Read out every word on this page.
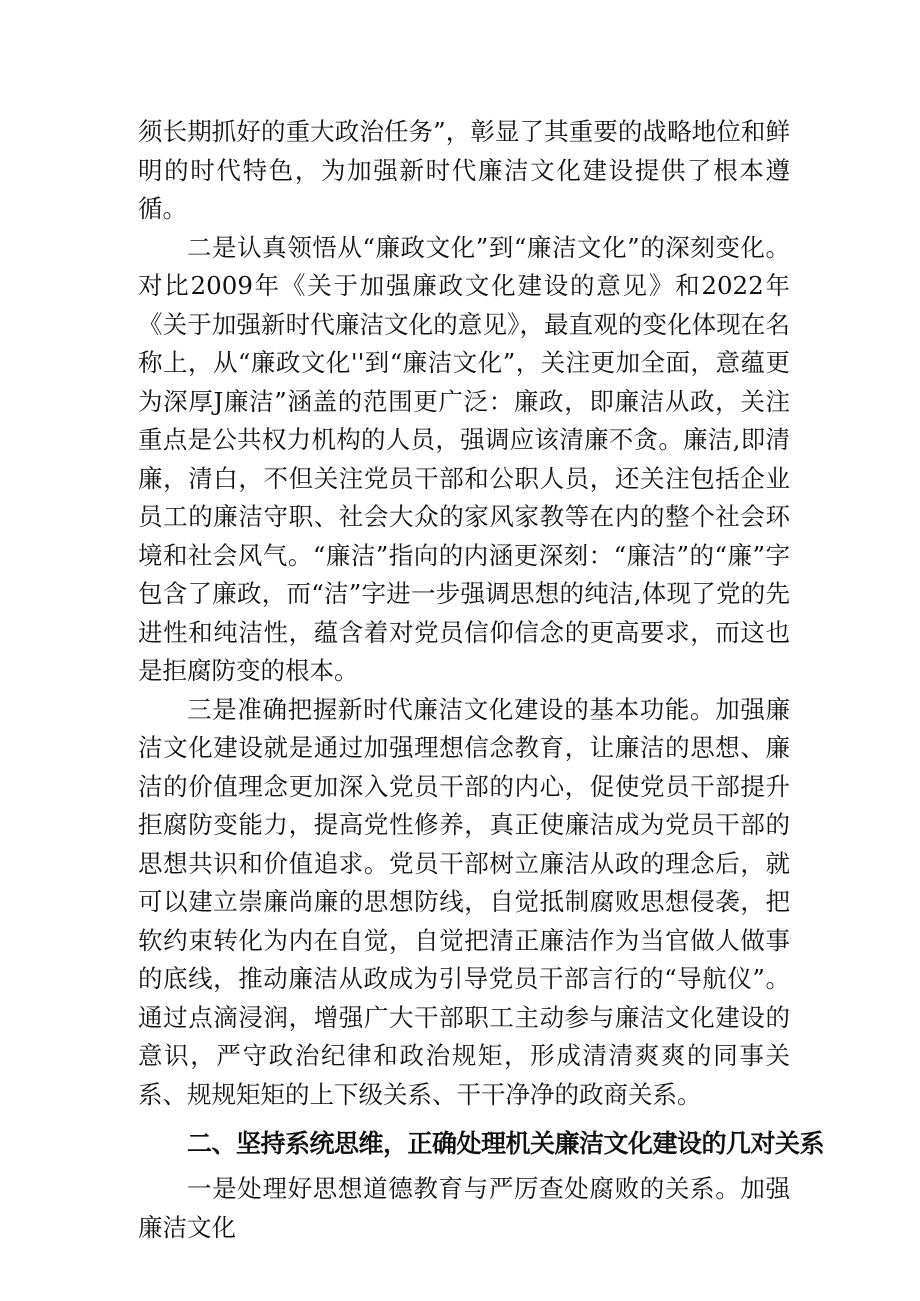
须长期抓好的重大政治任务”，彰显了其重要的战略地位和鲜明的时代特色，为加强新时代廉洁文化建设提供了根本遵循。

二是认真领悟从“廉政文化”到“廉洁文化”的深刻变化。对比2009年《关于加强廉政文化建设的意见》和2022年《关于加强新时代廉洁文化的意见》，最直观的变化体现在名称上，从“廉政文化''到“廉洁文化”，关注更加全面，意蕴更为深厚J廉洁”涵盖的范围更广泛：廉政，即廉洁从政，关注重点是公共权力机构的人员，强调应该清廉不贪。廉洁,即清廉，清白，不但关注党员干部和公职人员，还关注包括企业员工的廉洁守职、社会大众的家风家教等在内的整个社会环境和社会风气。“廉洁”指向的内涵更深刻：“廉洁”的“廉”字包含了廉政，而“洁”字进一步强调思想的纯洁,体现了党的先进性和纯洁性，蕴含着对党员信仰信念的更高要求，而这也是拒腐防变的根本。

三是准确把握新时代廉洁文化建设的基本功能。加强廉洁文化建设就是通过加强理想信念教育，让廉洁的思想、廉洁的价值理念更加深入党员干部的内心，促使党员干部提升拒腐防变能力，提高党性修养，真正使廉洁成为党员干部的思想共识和价值追求。党员干部树立廉洁从政的理念后，就可以建立崇廉尚廉的思想防线，自觉抵制腐败思想侵袭，把软约束转化为内在自觉，自觉把清正廉洁作为当官做人做事的底线，推动廉洁从政成为引导党员干部言行的“导航仪”。通过点滴浸润，增强广大干部职工主动参与廉洁文化建设的意识，严守政治纪律和政治规矩，形成清清爽爽的同事关系、规规矩矩的上下级关系、干干净净的政商关系。

二、坚持系统思维，正确处理机关廉洁文化建设的几对关系

一是处理好思想道德教育与严厉查处腐败的关系。加强廉洁文化
